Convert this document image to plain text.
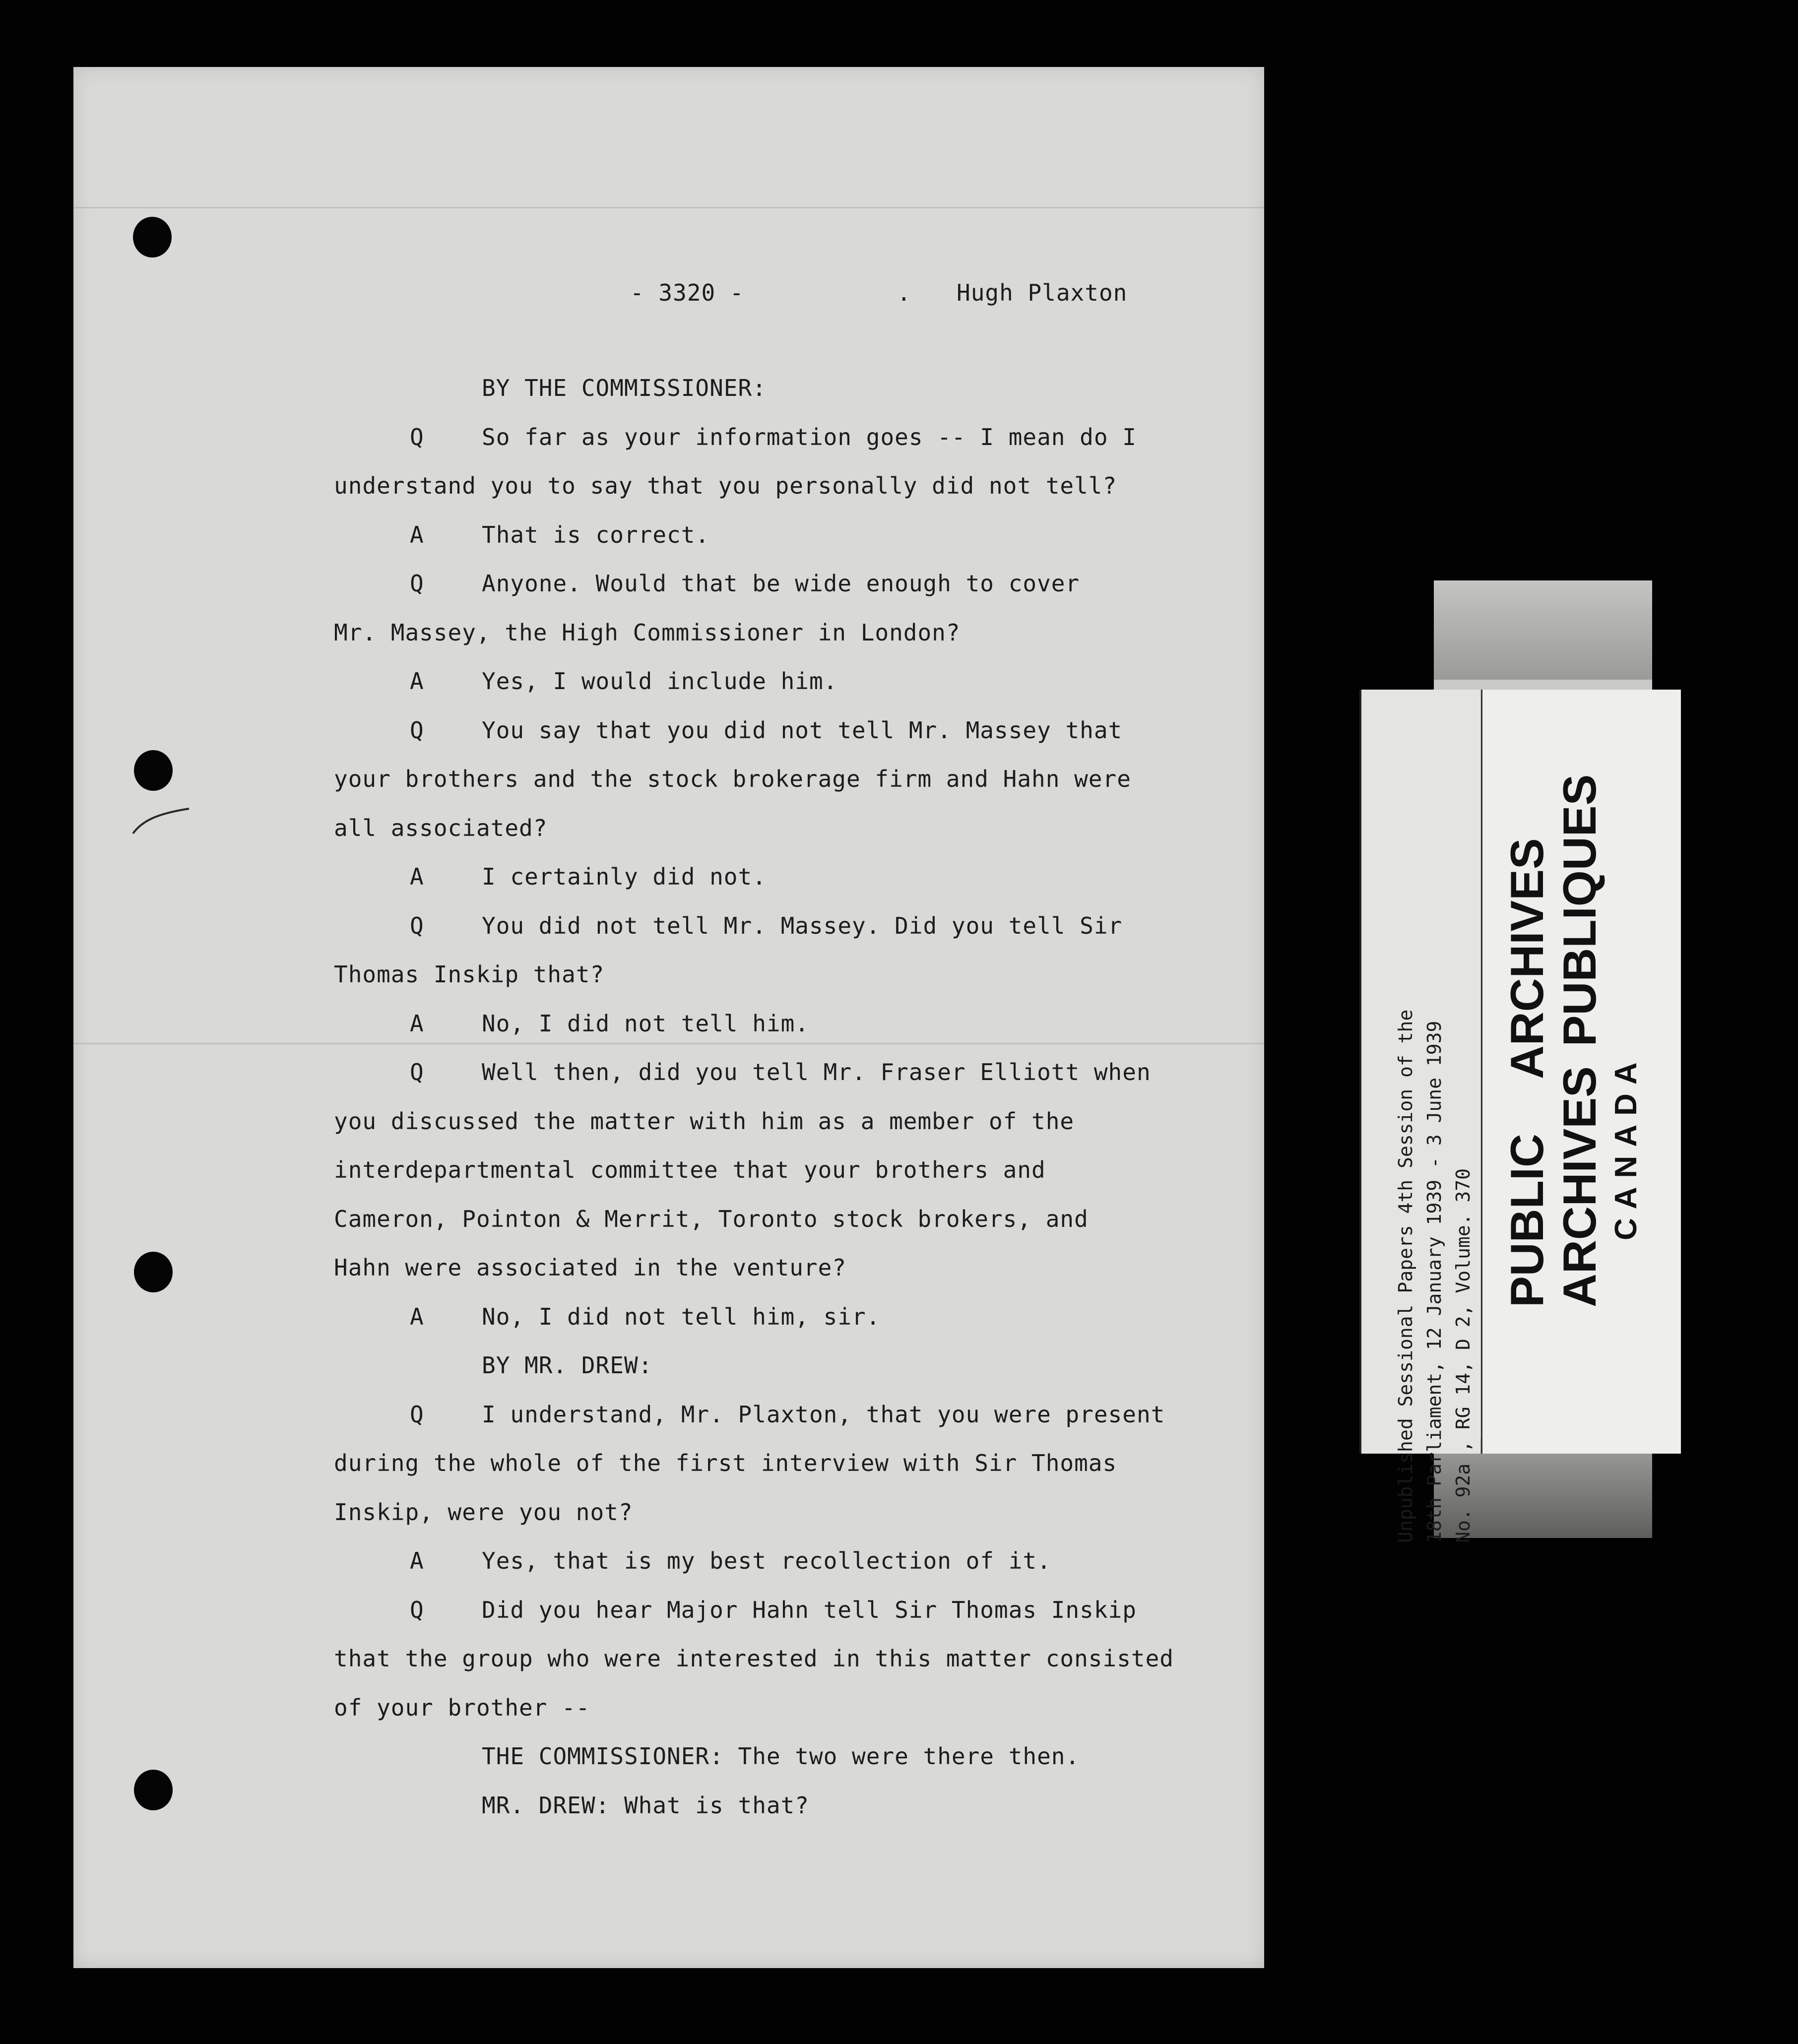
- 3320 -	. Hugh Plaxton
BY THE COMMISSIONER:
Q	So far as your information goes -- I mean do I
understand you to say that you personally did not tell?
A	That is correct.
Q	Anyone. Would that be wide enough to cover
Mr. Massey, the High Commissioner in London?
A	Yes, I would include him.
Q	You say that you did not tell Mr. Massey that
your brothers and the stock brokerage firm and Hahn were
all associated?
A	I certainly did not.
Q	You did not tell Mr. Massey. Did you tell Sir
Thomas Inskip that?
A	No, I did not tell him.
Q	Well then, did you tell Mr. Fraser Elliott when
you discussed the matter with him as a member of the
interdepartmental committee that your brothers and
Cameron, Pointon & Merrit, Toronto stock brokers, and
Hahn were associated in the venture?
A	No, I did not tell him, sir.
BY MR. DREW:
Q	I understand, Mr. Plaxton, that you were present
during the whole of the first interview with Sir Thomas
Inskip, were you not?
A	Yes, that is my best recollection of it.
Q	Did you hear Major Hahn tell Sir Thomas Inskip
that the group who were interested in this matter consisted
of your brother --
THE COMMISSIONER: The two were there then.
MR. DREW: What is that?
Unpublished Sessional Papers 4th Session of the 18th Parliament, 12 January 1939 - 3 June 1939 No. 92a , RG 14, D 2, Volume. 370 PUBLICARCHIVES
ARCHIVESPUBLIQUES
CANADA
